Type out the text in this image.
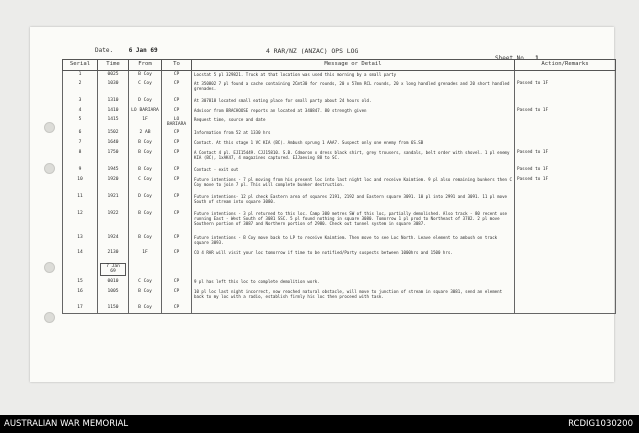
Date.	6 Jan 69	4 RAR/NZ (ANZAC) OPS LOG
Sheet No. 1
Serial	Time	From	To	Message or Detail	Action/Remarks
1	0025	B Coy	CP	Locstat 5 pl 329821. Truck at that location was used this morning by a small party	
2	1030	C Coy	CP	At 350802 7 pl found a cache containing 2Cmt30 for rounds, 20 x 57mm RCL rounds, 20 x long handled grenades and 20 short handled grenades.	Passed to 1F
3	1310	D Coy	CP	At 307818 located small eating place for small party about 24 hours old.	
4	1410	LO BARIARA	CP	Advisor from BRACHOOSE reports an located at 340847. 80 strength given	Passed to 1F
5	1415	1F	LO BARIARA	Request time, source and date	
6	1502	2 AB	CP	Information from 52 at 1330 hrs	
7	1640	B Coy	CP	Contact. At this stage 1 VC KIA (BC). Ambush sprung 1 AAA7. Suspect only one enemy from 6S.SB	
8	1750	B Coy	CP	A Contact 4 pl. EJI15449. CJJ15810. S.B. Cdmoron x dress black shirt, grey trousers, sandals, belt order with shovel. 1 pl enemy KIA (BC), 1xAK47, 4 magazines captured. EJJaeving 88 to SC.	Passed to 1F
9	1945	B Coy	CP	Contact - exit out	Passed to 1F
10	1920	C Coy	CP	Future intentions - 7 pl moving from his present loc into last night loc and receive Kaimtiem. 9 pl also remaining bunkers then C Coy move to join 7 pl. This will complete bunker destruction.	Passed to 1F
11	1921	D Coy	CP	Future intentions- 12 pl check Eastern area of squares 2191, 2192 and Eastern square 3091. 10 pl into 2991 and 3091. 11 pl move South of stream into square 3080.	
12	1922	B Coy	CP	Future intentions - 3 pl returned to this loc. Camp 300 metres SW of this loc, partially demolished. Also track - 80 recent use running East - West South of 3081 SSC. 5 pl found nothing in square 3080. Tomorrow 1 pl prod to Northeast of 3782. 2 pl move Southern portion of 3087 and Northern portion of 2980. Check out tunnel system in square 3087.	
13	1924	B Coy	CP	Future intentions - B Coy move back to LP to receive Kaimtiem. Then move to see Loc North. Leave element to ambush on track square 3093.	
14	2130	1F	CP	CO 4 RAR will visit your loc tomorrow if time to be notified/Party suspects between 1000hrs and 1500 hrs.	
	7 Jan 69				
15	0010	C Coy	CP	9 pl has left this loc to complete demolition work.	
16	1005	B Coy	CP	10 pl loc last night incorrect, now reached natural obstacle, will move to junction of stream in square 3081, send an element back to my loc with a radio, establish firmly his loc then proceed with task.	
17	1150	B Coy	CP		
AUSTRALIAN WAR MEMORIAL	RCDIG1030200
